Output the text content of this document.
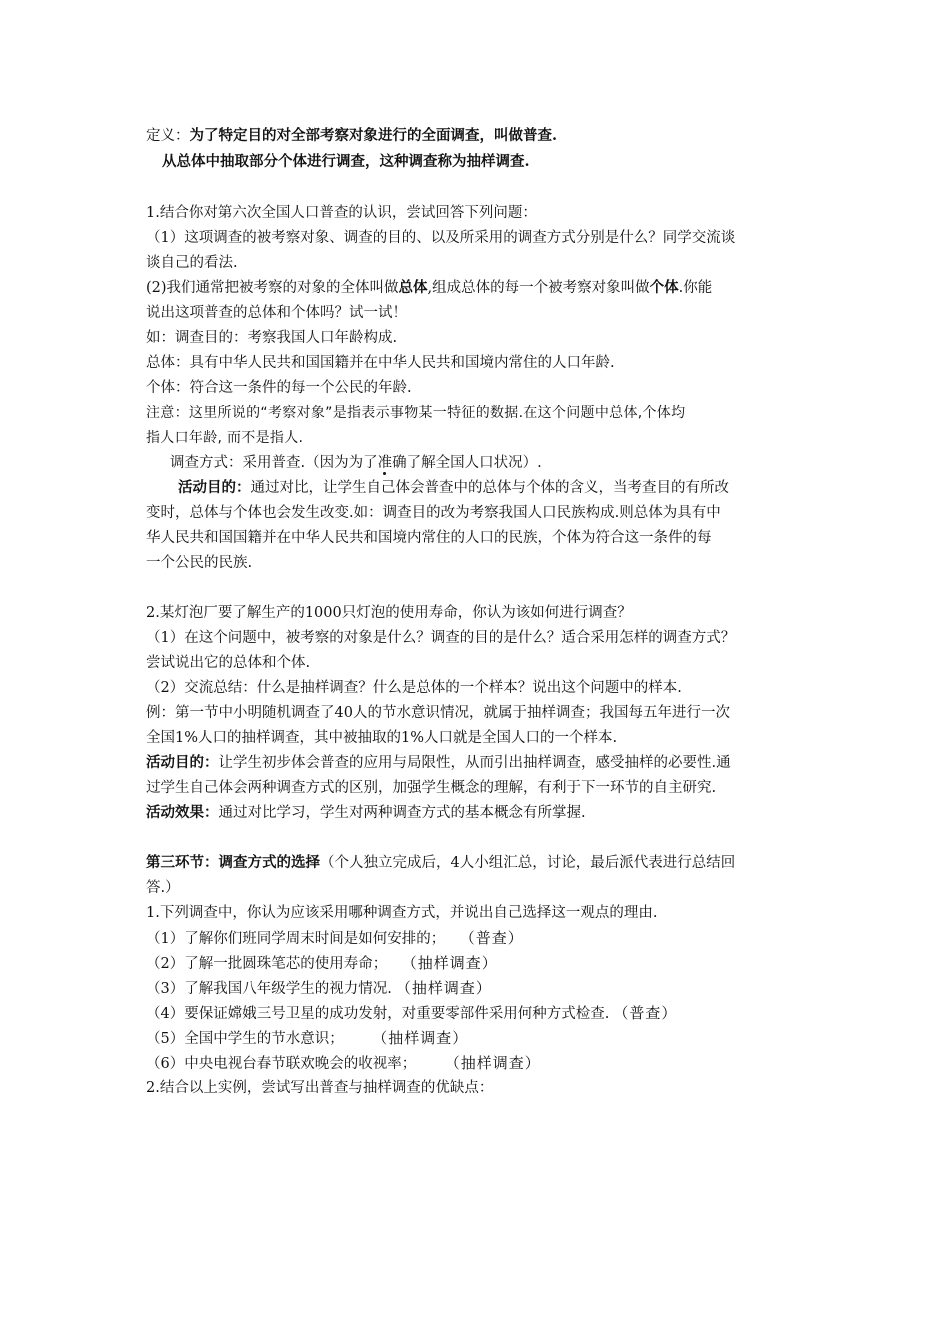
定义：为了特定目的对全部考察对象进行的全面调查，叫做普查.
从总体中抽取部分个体进行调查，这种调查称为抽样调查.
1.结合你对第六次全国人口普查的认识，尝试回答下列问题：
（1）这项调查的被考察对象、调查的目的、以及所采用的调查方式分别是什么？同学交流谈
谈自己的看法.
(2)我们通常把被考察的对象的全体叫做总体,组成总体的每一个被考察对象叫做个体.你能
说出这项普查的总体和个体吗？试一试！
如：调查目的：考察我国人口年龄构成.
总体：具有中华人民共和国国籍并在中华人民共和国境内常住的人口年龄.
个体：符合这一条件的每一个公民的年龄.
注意：这里所说的“考察对象”是指表示事物某一特征的数据.在这个问题中总体,个体均
指人口年龄, 而不是指人.
调查方式：采用普查.（因为为了准确了解全国人口状况）.
活动目的：通过对比，让学生自己体会普查中的总体与个体的含义，当考查目的有所改
变时，总体与个体也会发生改变.如：调查目的改为考察我国人口民族构成.则总体为具有中
华人民共和国国籍并在中华人民共和国境内常住的人口的民族，个体为符合这一条件的每
一个公民的民族.
2.某灯泡厂要了解生产的1000只灯泡的使用寿命，你认为该如何进行调查？
（1）在这个问题中，被考察的对象是什么？调查的目的是什么？适合采用怎样的调查方式？
尝试说出它的总体和个体.
（2）交流总结：什么是抽样调查？什么是总体的一个样本？说出这个问题中的样本.
例：第一节中小明随机调查了40人的节水意识情况，就属于抽样调查；我国每五年进行一次
全国1%人口的抽样调查，其中被抽取的1%人口就是全国人口的一个样本.
活动目的：让学生初步体会普查的应用与局限性，从而引出抽样调查，感受抽样的必要性.通
过学生自己体会两种调查方式的区别，加强学生概念的理解，有利于下一环节的自主研究.
活动效果：通过对比学习，学生对两种调查方式的基本概念有所掌握.
第三环节：调查方式的选择（个人独立完成后，4人小组汇总，讨论，最后派代表进行总结回
答.）
1.下列调查中，你认为应该采用哪种调查方式，并说出自己选择这一观点的理由.
（1）了解你们班同学周末时间是如何安排的； （普查）
（2）了解一批圆珠笔芯的使用寿命； （抽样调查）
（3）了解我国八年级学生的视力情况. （抽样调查）
（4）要保证嫦娥三号卫星的成功发射，对重要零部件采用何种方式检查. （普查）
（5）全国中学生的节水意识； （抽样调查）
（6）中央电视台春节联欢晚会的收视率； （抽样调查）
2.结合以上实例，尝试写出普查与抽样调查的优缺点：
